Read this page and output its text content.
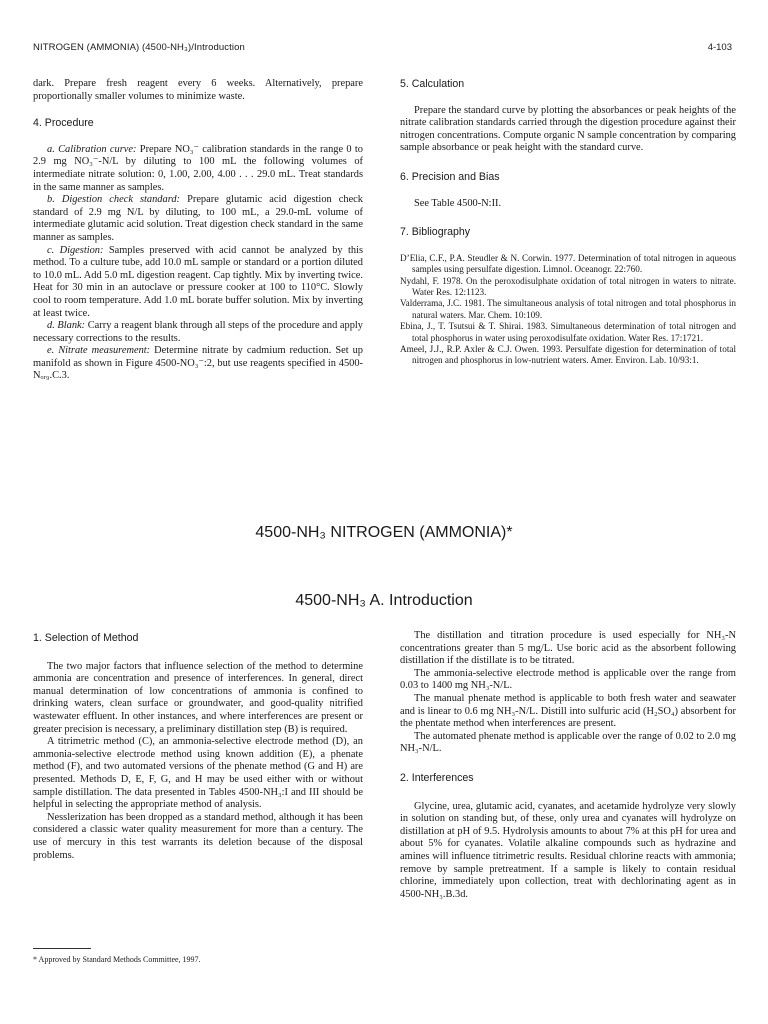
NITROGEN (AMMONIA) (4500-NH₃)/Introduction	4-103

dark. Prepare fresh reagent every 6 weeks. Alternatively, prepare proportionally smaller volumes to minimize waste.

4. Procedure

a. Calibration curve: Prepare NO₃⁻ calibration standards in the range 0 to 2.9 mg NO₃⁻-N/L by diluting to 100 mL the following volumes of intermediate nitrate solution: 0, 1.00, 2.00, 4.00 . . . 29.0 mL. Treat standards in the same manner as samples.

b. Digestion check standard: Prepare glutamic acid digestion check standard of 2.9 mg N/L by diluting, to 100 mL, a 29.0-mL volume of intermediate glutamic acid solution. Treat digestion check standard in the same manner as samples.

c. Digestion: Samples preserved with acid cannot be analyzed by this method. To a culture tube, add 10.0 mL sample or standard or a portion diluted to 10.0 mL. Add 5.0 mL digestion reagent. Cap tightly. Mix by inverting twice. Heat for 30 min in an autoclave or pressure cooker at 100 to 110°C. Slowly cool to room temperature. Add 1.0 mL borate buffer solution. Mix by inverting at least twice.

d. Blank: Carry a reagent blank through all steps of the procedure and apply necessary corrections to the results.

e. Nitrate measurement: Determine nitrate by cadmium reduction. Set up manifold as shown in Figure 4500-NO₃⁻:2, but use reagents specified in 4500-Nₒᵣ₉.C.3.

5. Calculation

Prepare the standard curve by plotting the absorbances or peak heights of the nitrate calibration standards carried through the digestion procedure against their nitrogen concentrations. Compute organic N sample concentration by comparing sample absorbance or peak height with the standard curve.

6. Precision and Bias

See Table 4500-N:II.

7. Bibliography

D’Elia, C.F., P.A. Steudler & N. Corwin. 1977. Determination of total nitrogen in aqueous samples using persulfate digestion. Limnol. Oceanogr. 22:760.

Nydahl, F. 1978. On the peroxodisulphate oxidation of total nitrogen in waters to nitrate. Water Res. 12:1123.

Valderrama, J.C. 1981. The simultaneous analysis of total nitrogen and total phosphorus in natural waters. Mar. Chem. 10:109.

Ebina, J., T. Tsutsui & T. Shirai. 1983. Simultaneous determination of total nitrogen and total phosphorus in water using peroxodisulfate oxidation. Water Res. 17:1721.

Ameel, J.J., R.P. Axler & C.J. Owen. 1993. Persulfate digestion for determination of total nitrogen and phosphorus in low-nutrient waters. Amer. Environ. Lab. 10/93:1.

4500-NH₃ NITROGEN (AMMONIA)*
4500-NH₃ A. Introduction

1. Selection of Method

The two major factors that influence selection of the method to determine ammonia are concentration and presence of interferences. In general, direct manual determination of low concentrations of ammonia is confined to drinking waters, clean surface or groundwater, and good-quality nitrified wastewater effluent. In other instances, and where interferences are present or greater precision is necessary, a preliminary distillation step (B) is required.

A titrimetric method (C), an ammonia-selective electrode method (D), an ammonia-selective electrode method using known addition (E), a phenate method (F), and two automated versions of the phenate method (G and H) are presented. Methods D, E, F, G, and H may be used either with or without sample distillation. The data presented in Tables 4500-NH₃:I and III should be helpful in selecting the appropriate method of analysis.

Nesslerization has been dropped as a standard method, although it has been considered a classic water quality measurement for more than a century. The use of mercury in this test warrants its deletion because of the disposal problems.

* Approved by Standard Methods Committee, 1997.

The distillation and titration procedure is used especially for NH₃-N concentrations greater than 5 mg/L. Use boric acid as the absorbent following distillation if the distillate is to be titrated.

The ammonia-selective electrode method is applicable over the range from 0.03 to 1400 mg NH₃-N/L.

The manual phenate method is applicable to both fresh water and seawater and is linear to 0.6 mg NH₃-N/L. Distill into sulfuric acid (H₂SO₄) absorbent for the phentate method when interferences are present.

The automated phenate method is applicable over the range of 0.02 to 2.0 mg NH₃-N/L.

2. Interferences

Glycine, urea, glutamic acid, cyanates, and acetamide hydrolyze very slowly in solution on standing but, of these, only urea and cyanates will hydrolyze on distillation at pH of 9.5. Hydrolysis amounts to about 7% at this pH for urea and about 5% for cyanates. Volatile alkaline compounds such as hydrazine and amines will influence titrimetric results. Residual chlorine reacts with ammonia; remove by sample pretreatment. If a sample is likely to contain residual chlorine, immediately upon collection, treat with dechlorinating agent as in 4500-NH₃.B.3d.
